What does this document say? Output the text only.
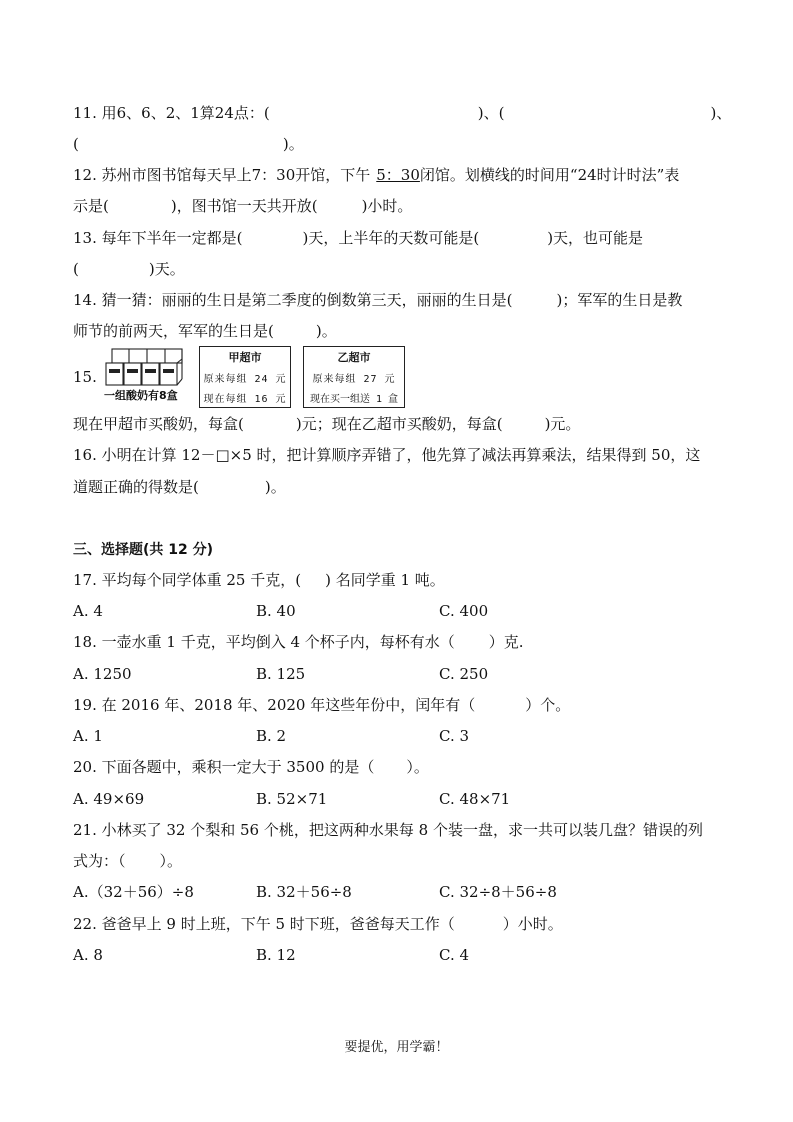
11. 用6、6、2、1算24点：(	)、(	)、
(	)。
12. 苏州市图书馆每天早上7：30开馆，下午 5：30闭馆。划横线的时间用“24时计时法”表
示是(	)，图书馆一天共开放(	)小时。
13. 每年下半年一定都是(	)天，上半年的天数可能是(	)天，也可能是
(	)天。
14. 猜一猜：丽丽的生日是第二季度的倒数第三天，丽丽的生日是(	)；军军的生日是教
师节的前两天，军军的生日是(	)。
15.
一组酸奶有8盒
甲超市
原来每组 24 元
现在每组 16 元
乙超市
原来每组 27 元
现在买一组送 1 盒
现在甲超市买酸奶，每盒(	)元；现在乙超市买酸奶，每盒(	)元。
16. 小明在计算 12－□×5 时，把计算顺序弄错了，他先算了减法再算乘法，结果得到 50，这
道题正确的得数是(	)。
三、选择题(共 12 分)
17. 平均每个同学体重 25 千克，( ) 名同学重 1 吨。
A. 4	B. 40	C. 400
18. 一壶水重 1 千克，平均倒入 4 个杯子内，每杯有水（ ）克.
A. 1250	B. 125	C. 250
19. 在 2016 年、2018 年、2020 年这些年份中，闰年有（	）个。
A. 1	B. 2	C. 3
20. 下面各题中，乘积一定大于 3500 的是（ ）。
A. 49×69	B. 52×71	C. 48×71
21. 小林买了 32 个梨和 56 个桃，把这两种水果每 8 个装一盘，求一共可以装几盘？错误的列
式为：（ ）。
A.（32＋56）÷8	B. 32＋56÷8	C. 32÷8＋56÷8
22. 爸爸早上 9 时上班，下午 5 时下班，爸爸每天工作（	）小时。
A. 8	B. 12	C. 4
要提优，用学霸！
